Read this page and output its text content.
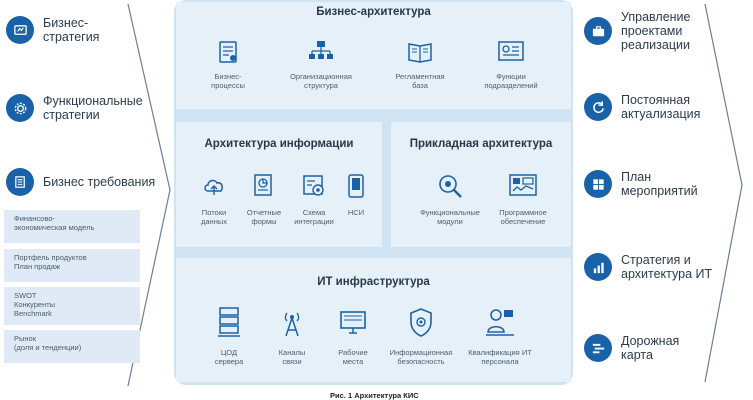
Бизнес-
стратегия
Функциональные
стратегии
Бизнес требования
Финансово-
экономическая модель
Портфель продуктов
План продаж
SWOT
Конкуренты
Benchmark
Рынок
(доля и тенденции)
Бизнес-архитектура
Бизнес-
процессы
Организационная
структура
Регламентная
база
Функции
подразделений
Архитектура информации
Потоки
данных
Отчетные
формы
Схема
интеграции
НСИ
Прикладная архитектура
Функциональные
модули
Программное
обеспечение
ИТ инфраструктура
ЦОД
сервера
Каналы
связи
Рабочие
места
Информационная
безопасность
Квалификация ИТ
персонала
Управление
проектами
реализации
Постоянная
актуализация
План
мероприятий
Стратегия и
архитектура ИТ
Дорожная
карта
Рис. 1 Архитектура КИС
